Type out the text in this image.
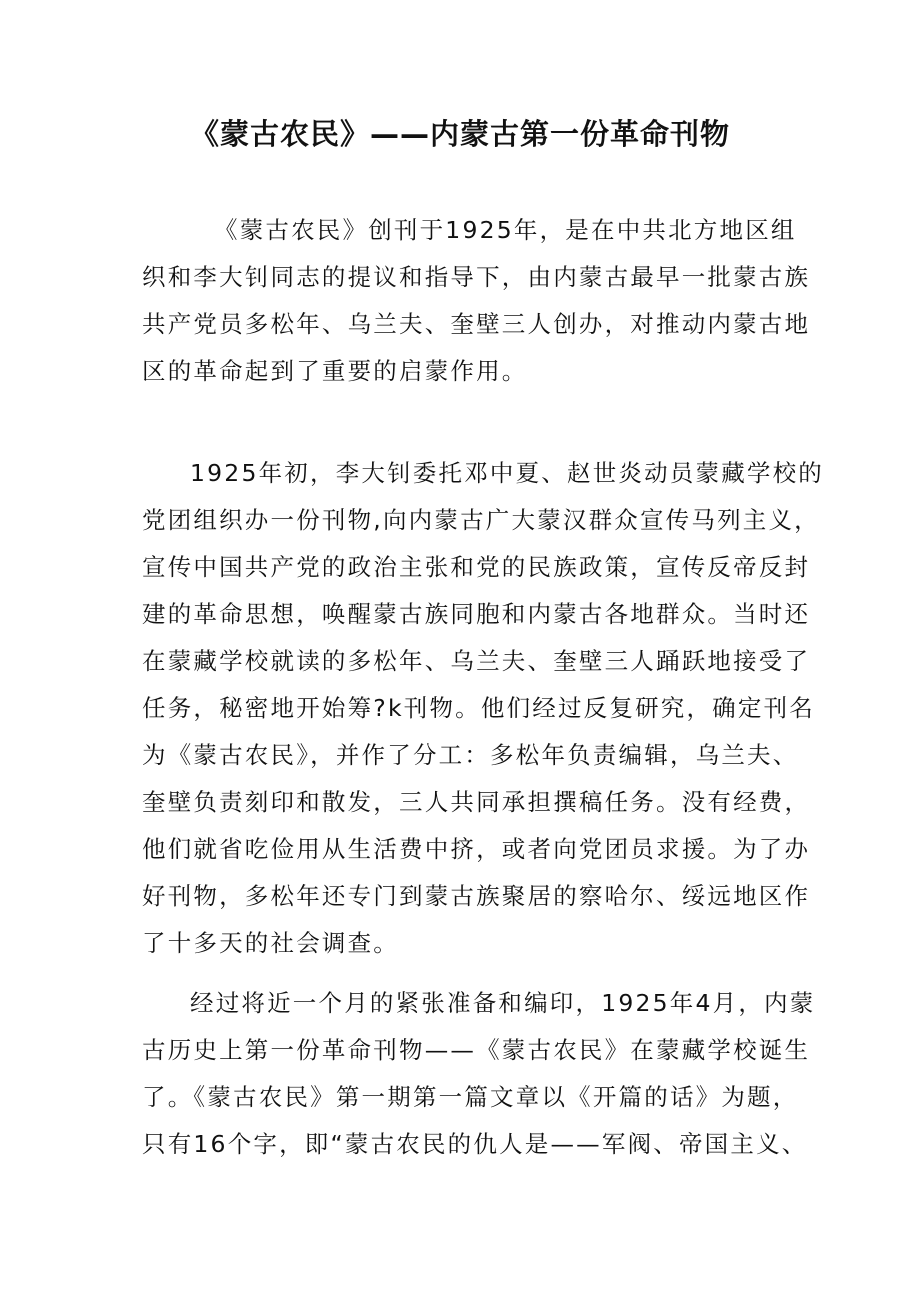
《蒙古农民》——内蒙古第一份革命刊物
《蒙古农民》创刊于1925年，是在中共北方地区组
织和李大钊同志的提议和指导下，由内蒙古最早一批蒙古族
共产党员多松年、乌兰夫、奎壁三人创办，对推动内蒙古地
区的革命起到了重要的启蒙作用。
1925年初，李大钊委托邓中夏、赵世炎动员蒙藏学校的
党团组织办一份刊物,向内蒙古广大蒙汉群众宣传马列主义，
宣传中国共产党的政治主张和党的民族政策，宣传反帝反封
建的革命思想，唤醒蒙古族同胞和内蒙古各地群众。当时还
在蒙藏学校就读的多松年、乌兰夫、奎壁三人踊跃地接受了
任务，秘密地开始筹?k刊物。他们经过反复研究，确定刊名
为《蒙古农民》，并作了分工：多松年负责编辑，乌兰夫、
奎壁负责刻印和散发，三人共同承担撰稿任务。没有经费，
他们就省吃俭用从生活费中挤，或者向党团员求援。为了办
好刊物，多松年还专门到蒙古族聚居的察哈尔、绥远地区作
了十多天的社会调查。
经过将近一个月的紧张准备和编印，1925年4月，内蒙
古历史上第一份革命刊物——《蒙古农民》在蒙藏学校诞生
了。《蒙古农民》第一期第一篇文章以《开篇的话》为题，
只有16个字，即“蒙古农民的仇人是——军阀、帝国主义、
